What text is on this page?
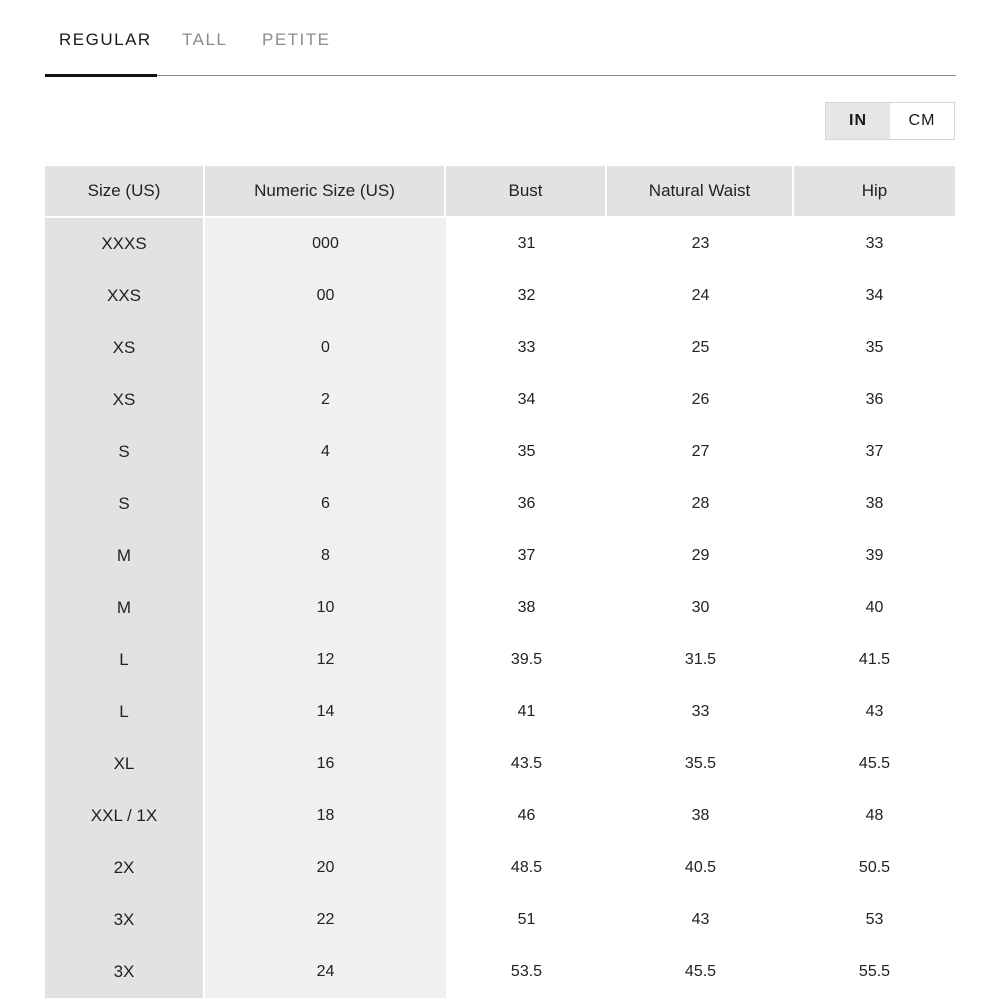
REGULAR TALL PETITE
IN	CM
Size (US)	Numeric Size (US)	Bust	Natural Waist	Hip
XXXS	000	31	23	33
XXS	00	32	24	34
XS	0	33	25	35
XS	2	34	26	36
S	4	35	27	37
S	6	36	28	38
M	8	37	29	39
M	10	38	30	40
L	12	39.5	31.5	41.5
L	14	41	33	43
XL	16	43.5	35.5	45.5
XXL / 1X	18	46	38	48
2X	20	48.5	40.5	50.5
3X	22	51	43	53
3X	24	53.5	45.5	55.5
